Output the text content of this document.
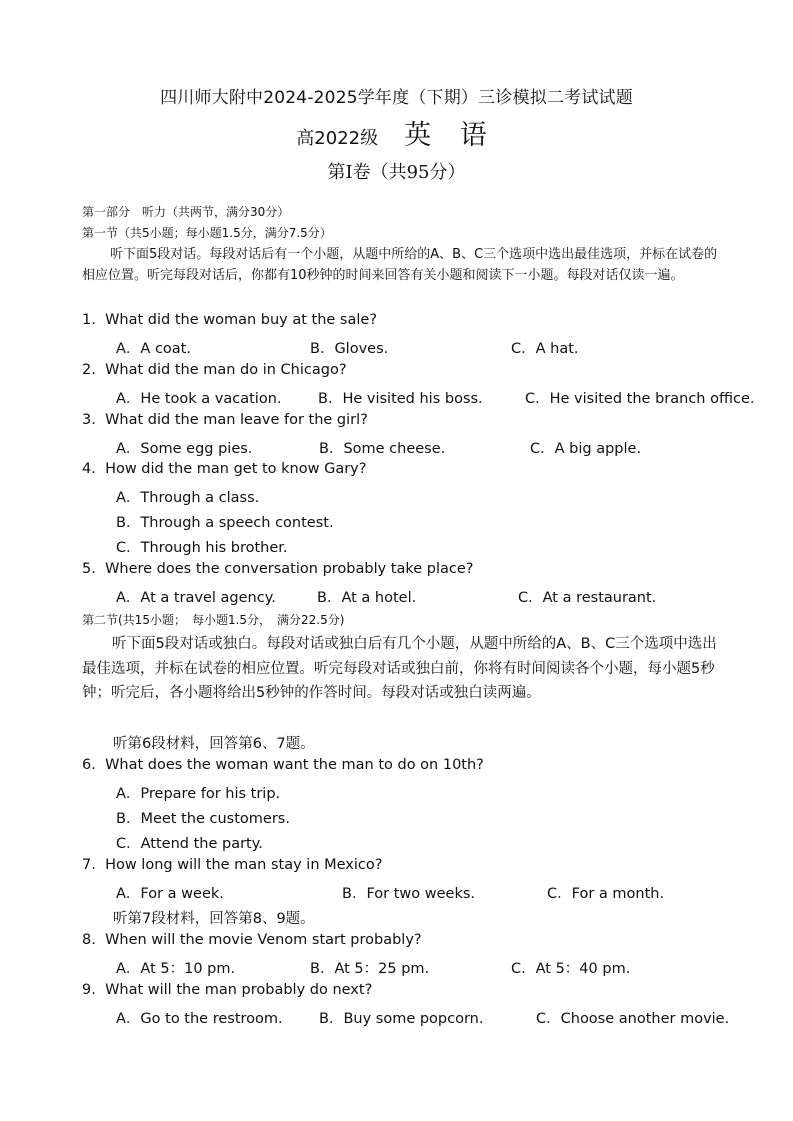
四川师大附中2024-2025学年度（下期）三诊模拟二考试试题
高2022级 英 语
第Ⅰ卷（共95分）
第一部分　听力（共两节，满分30分）
第一节（共5小题；每小题1.5分，满分7.5分）
听下面5段对话。每段对话后有一个小题，从题中所给的A、B、C三个选项中选出最佳选项，并标在试卷的相应位置。听完每段对话后，你都有10秒钟的时间来回答有关小题和阅读下一小题。每段对话仅读一遍。
1. What did the woman buy at the sale?
A．A coat.	B．Gloves.	C．A hat.
2. What did the man do in Chicago?
A．He took a vacation.	B．He visited his boss.	C．He visited the branch office.
3. What did the man leave for the girl?
A．Some egg pies.	B．Some cheese.	C．A big apple.
4. How did the man get to know Gary?
A．Through a class.
B．Through a speech contest.
C．Through his brother.
5. Where does the conversation probably take place?
A．At a travel agency.	B．At a hotel.	C．At a restaurant.
第二节(共15小题；　每小题1.5分，　满分22.5分)
听下面5段对话或独白。每段对话或独白后有几个小题，从题中所给的A、B、C三个选项中选出最佳选项，并标在试卷的相应位置。听完每段对话或独白前，你将有时间阅读各个小题，每小题5秒钟；听完后，各小题将给出5秒钟的作答时间。每段对话或独白读两遍。
听第6段材料，回答第6、7题。
6. What does the woman want the man to do on 10th?
A．Prepare for his trip.
B．Meet the customers.
C．Attend the party.
7. How long will the man stay in Mexico?
A．For a week.	B．For two weeks.	C．For a month.
听第7段材料，回答第8、9题。
8. When will the movie Venom start probably?
A．At 5：10 pm.	B．At 5：25 pm.	C．At 5：40 pm.
9. What will the man probably do next?
A．Go to the restroom.	B．Buy some popcorn.	C．Choose another movie.
